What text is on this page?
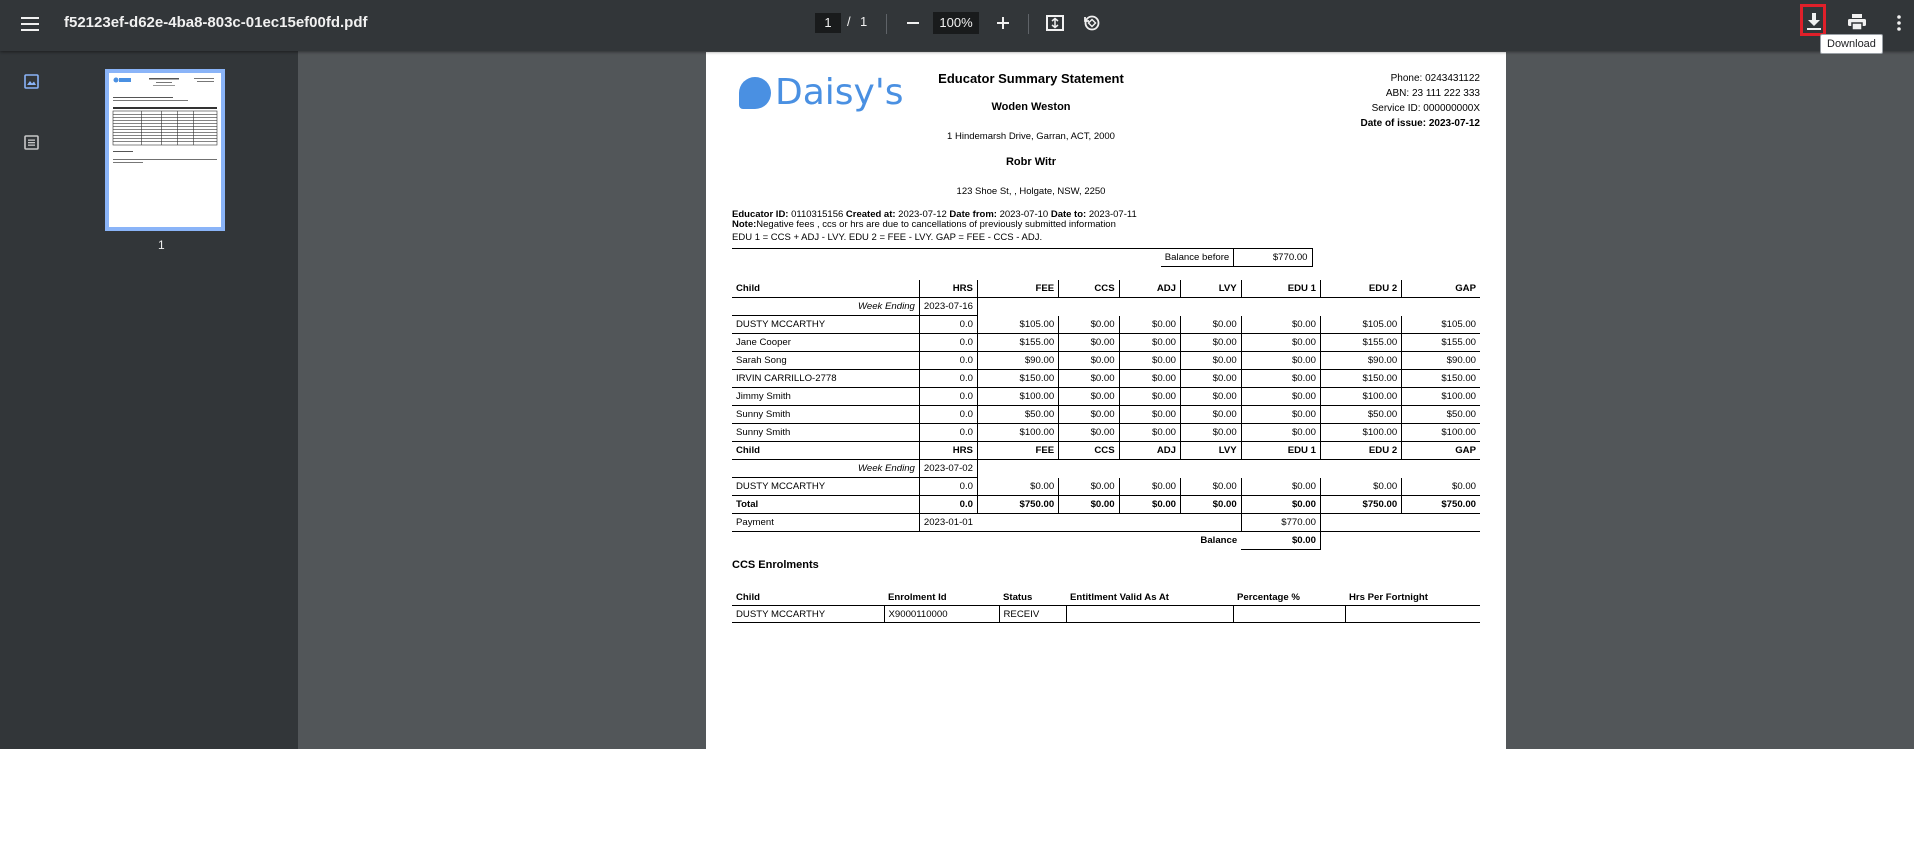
f52123ef-d62e-4ba8-803c-01ec15ef00fd.pdf	1	/ 1	100%
Download
1
Daisy's	Educator Summary Statement
Woden Weston
1 Hindemarsh Drive, Garran, ACT, 2000
Robr Witr
123 Shoe St, , Holgate, NSW, 2250
Phone: 0243431122
ABN: 23 111 222 333
Service ID: 000000000X
Date of issue: 2023-07-12
Educator ID: 0110315156 Created at: 2023-07-12 Date from: 2023-07-10 Date to: 2023-07-11
Note:Negative fees , ccs or hrs are due to cancellations of previously submitted information
EDU 1 = CCS + ADJ - LVY. EDU 2 = FEE - LVY. GAP = FEE - CCS - ADJ.
	Balance before	$770.00	
Child	HRS	FEE	CCS	ADJ	LVY	EDU 1	EDU 2	GAP
Week Ending	2023-07-16							
DUSTY MCCARTHY	0.0	$105.00	$0.00	$0.00	$0.00	$0.00	$105.00	$105.00
Jane Cooper	0.0	$155.00	$0.00	$0.00	$0.00	$0.00	$155.00	$155.00
Sarah Song	0.0	$90.00	$0.00	$0.00	$0.00	$0.00	$90.00	$90.00
IRVIN CARRILLO-2778	0.0	$150.00	$0.00	$0.00	$0.00	$0.00	$150.00	$150.00
Jimmy Smith	0.0	$100.00	$0.00	$0.00	$0.00	$0.00	$100.00	$100.00
Sunny Smith	0.0	$50.00	$0.00	$0.00	$0.00	$0.00	$50.00	$50.00
Sunny Smith	0.0	$100.00	$0.00	$0.00	$0.00	$0.00	$100.00	$100.00
Child	HRS	FEE	CCS	ADJ	LVY	EDU 1	EDU 2	GAP
Week Ending	2023-07-02							
DUSTY MCCARTHY	0.0	$0.00	$0.00	$0.00	$0.00	$0.00	$0.00	$0.00
Total	0.0	$750.00	$0.00	$0.00	$0.00	$0.00	$750.00	$750.00
Payment	2023-01-01					$770.00		
					Balance	$0.00		
CCS Enrolments
Child	Enrolment Id	Status	Entitlment Valid As At	Percentage %	Hrs Per Fortnight
DUSTY MCCARTHY	X9000110000	RECEIV			
